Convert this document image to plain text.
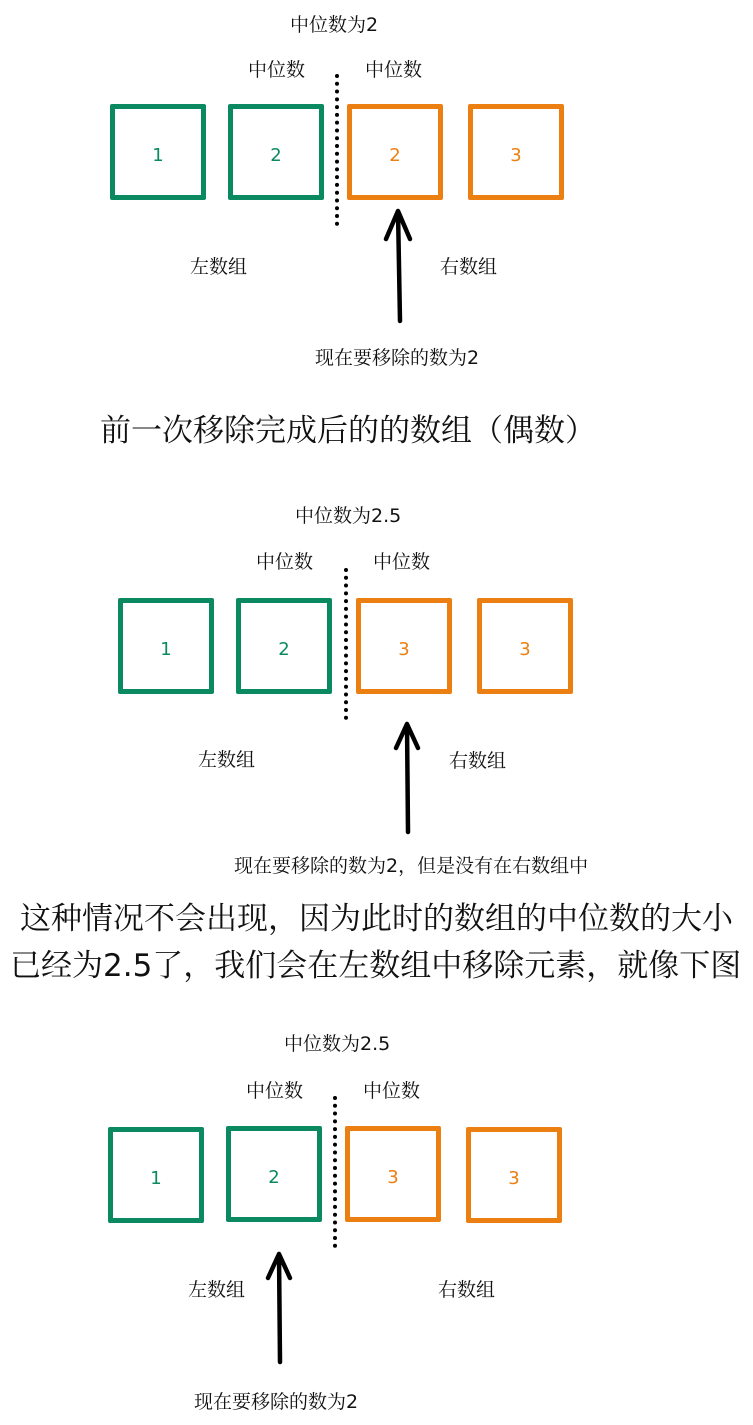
中位数为2
中位数	中位数
1	2	2	3
左数组	右数组
现在要移除的数为2
前一次移除完成后的的数组（偶数）
中位数为2.5
中位数	中位数
1	2	3	3
左数组	右数组
现在要移除的数为2，但是没有在右数组中
这种情况不会出现，因为此时的数组的中位数的大小
已经为2.5了，我们会在左数组中移除元素，就像下图
中位数为2.5
中位数	中位数
1	2	3	3
左数组	右数组
现在要移除的数为2
